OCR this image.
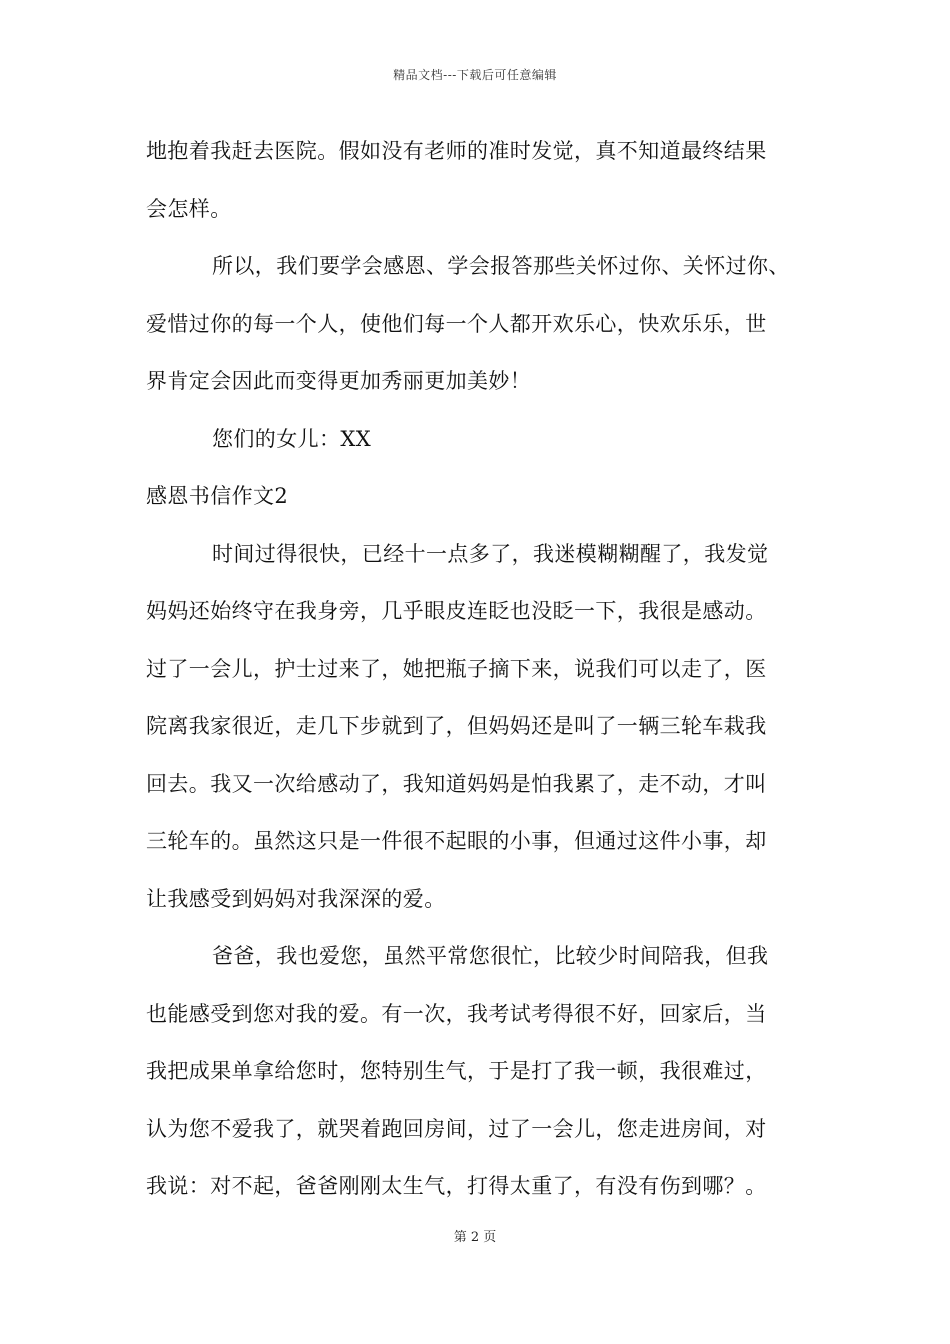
精品文档---下载后可任意编辑
地抱着我赶去医院。假如没有老师的准时发觉，真不知道最终结果
会怎样。
所以，我们要学会感恩、学会报答那些关怀过你、关怀过你、
爱惜过你的每一个人，使他们每一个人都开欢乐心，快欢乐乐，世
界肯定会因此而变得更加秀丽更加美妙！
您们的女儿：XX
感恩书信作文2
时间过得很快，已经十一点多了，我迷模糊糊醒了，我发觉
妈妈还始终守在我身旁，几乎眼皮连眨也没眨一下，我很是感动。
过了一会儿，护士过来了，她把瓶子摘下来，说我们可以走了，医
院离我家很近，走几下步就到了，但妈妈还是叫了一辆三轮车栽我
回去。我又一次给感动了，我知道妈妈是怕我累了，走不动，才叫
三轮车的。虽然这只是一件很不起眼的小事，但通过这件小事，却
让我感受到妈妈对我深深的爱。
爸爸，我也爱您，虽然平常您很忙，比较少时间陪我，但我
也能感受到您对我的爱。有一次，我考试考得很不好，回家后，当
我把成果单拿给您时，您特别生气，于是打了我一顿，我很难过，
认为您不爱我了，就哭着跑回房间，过了一会儿，您走进房间，对
我说：对不起，爸爸刚刚太生气，打得太重了，有没有伤到哪？。
第 2 页
